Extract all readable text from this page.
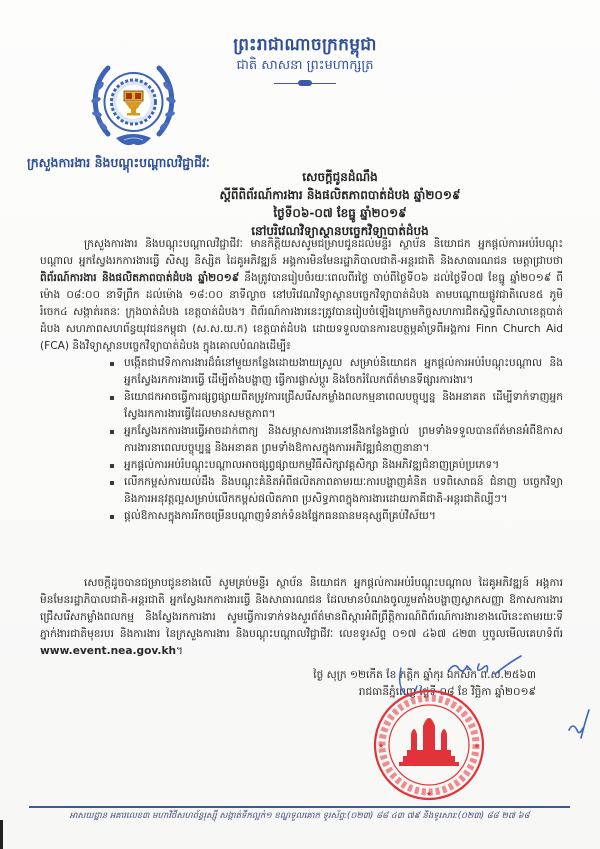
ព្រះរាជាណាចក្រកម្ពុជា
ជាតិ សាសនា ព្រះមហាក្សត្រ
ក្រសួងការងារ និងបណ្តុះបណ្តាលវិជ្ជាជីវៈ
សេចក្តីជូនដំណឹង
ស្តីពីពិព័រណ៍ការងារ និងផលិតភាពបាត់ដំបង ឆ្នាំ២០១៩
ថ្ងៃទី០៦-០៧ ខែធ្នូ ឆ្នាំ២០១៩
នៅបរិវេណវិទ្យាស្ថានបច្ចេកវិទ្យាបាត់ដំបង

ក្រសួងការងារ និងបណ្តុះបណ្តាលវិជ្ជាជីវៈ មានកិត្តិយសសូមជម្រាបជូនដល់មន្ទីរ ស្ថាប័ន និយោជក អ្នកផ្តល់ការអប់រំបណ្តុះបណ្តាល អ្នកស្វែងរកការងារធ្វើ សិស្ស និស្សិត ដៃគូអភិវឌ្ឍន៍ អង្គការមិនមែនរដ្ឋាភិបាលជាតិ-អន្តរជាតិ និងសាធារណជន មេត្តាជ្រាបថា ពិព័រណ៍ការងារ និងផលិតភាពបាត់ដំបង ឆ្នាំ២០១៩ នឹងត្រូវបានរៀបចំរយៈពេលពីរថ្ងៃ ចាប់ពីថ្ងៃទី០៦ ដល់ថ្ងៃទី០៧ ខែធ្នូ ឆ្នាំ២០១៩ ពីម៉ោង ០៨:០០ នាទីព្រឹក ដល់ម៉ោង ១៨:០០ នាទីល្ងាច នៅបរិវេណវិទ្យាស្ថានបច្ចេកវិទ្យាបាត់ដំបង តាមបណ្តោយផ្លូវជាតិលេខ៥ ភូមិរំចេក៤ សង្កាត់រតនៈ ក្រុងបាត់ដំបង ខេត្តបាត់ដំបង។ ពិព័រណ៍ការងារនេះត្រូវបានរៀបចំឡើងក្រោមកិច្ចសហការជិតស្និទ្ធពីសាលាខេត្តបាត់ដំបង សហភាពសហព័ន្ធយុវជនកម្ពុជា (ស.ស.យ.ក) ខេត្តបាត់ដំបង ដោយទទួលបានការឧបត្ថម្ភគាំទ្រពីអង្គការ Finn Church Aid (FCA) និងវិទ្យាស្ថានបច្ចេកវិទ្យាបាត់ដំបង ក្នុងគោលបំណងដើម្បី៖

បង្កើតជាវេទិកាការងារដ៏ធំនៅមួយកន្លែងដោយងាយស្រួល សម្រាប់និយោជក អ្នកផ្តល់ការអប់រំបណ្តុះបណ្តាល និងអ្នកស្វែងរកការងារធ្វើ ដើម្បីតាំងបង្ហាញ ធ្វើការផ្លាស់ប្តូរ និងចែករំលែកព័ត៌មានទីផ្សារការងារ។
និយោជកអាចធ្វើការផ្សព្វផ្សាយពីតម្រូវការជ្រើសរើសកម្លាំងពលកម្មនាពេលបច្ចុប្បន្ន និងអនាគត ដើម្បីទាក់ទាញអ្នកស្វែងរកការងារធ្វើដែលមានសមត្ថភាព។
អ្នកស្វែងរកការងារធ្វើអាចដាក់ពាក្យ និងសម្ភាសការងារនៅនឹងកន្លែងផ្ទាល់ ព្រមទាំងទទួលបានព័ត៌មានអំពីឱកាសការងារនាពេលបច្ចុប្បន្ន និងអនាគត ព្រមទាំងឱកាសក្នុងការអភិវឌ្ឍជំនាញនានា។
អ្នកផ្តល់ការអប់រំបណ្តុះបណ្តាលអាចផ្សព្វផ្សាយកម្មវិធីសិក្សាវគ្គសិក្សា និងអភិវឌ្ឍជំនាញគ្រប់ប្រភេទ។
លើកកម្ពស់ការយល់ដឹង និងបណ្តុះគំនិតអំពីផលិតភាពតាមរយៈការបង្ហាញគំនិត បទពិសោធន៍ ជំនាញ បច្ចេកវិទ្យា និងការអនុវត្តល្អសម្រាប់លើកកម្ពស់ផលិតភាព ប្រសិទ្ធភាពក្នុងការងារដោយភាគីជាតិ-អន្តរជាតិល្បីៗ។
ផ្តល់ឱកាសក្នុងការរីកចម្រើនបណ្តាញទំនាក់ទំនងផ្នែកធនធានមនុស្សពីគ្រប់វិស័យ។

សេចក្តីដូចបានជម្រាបជូនខាងលើ សូមគ្រប់មន្ទីរ ស្ថាប័ន និយោជក អ្នកផ្តល់ការអប់រំបណ្តុះបណ្តាល ដៃគូអភិវឌ្ឍន៍ អង្គការមិនមែនរដ្ឋាភិបាលជាតិ-អន្តរជាតិ អ្នកស្វែងរកការងារធ្វើ និងសាធារណជន ដែលមានបំណងចូលរួមតាំងបង្ហាញស្លាកសញ្ញា ឱកាសការងារ ជ្រើសរើសកម្លាំងពលកម្ម និងស្វែងរកការងារ សូមធ្វើការទាក់ទងសួរព័ត៌មានពិស្តារអំពីព្រឹត្តិការណ៍ពិព័រណ៍ការងារខាងលើនេះតាមរយៈទីភ្នាក់ងារជាតិមុខរបរ និងការងារ នៃក្រសួងការងារ និងបណ្តុះបណ្តាលវិជ្ជាជីវៈ លេខទូរស័ព្ទ ០១៧ ៤៦៧ ៤២៣ ឬចូលមើលគេហទំព័រ www.event.nea.gov.kh។

ថ្ងៃ សុក្រ ១២កើត ខែ កត្តិក ឆ្នាំកុរ ឯកស័ក ព.ស.២៥៦៣
រាជធានីភ្នំពេញ ថ្ងៃទី ០៨ ខែ វិច្ឆិកា ឆ្នាំ២០១៩
★
★	★
អាសយដ្ឋាន អគារលេខ៣ មហាវិថីសហព័ន្ធរុស្ស៊ី សង្កាត់ទឹកល្អក់១ ខណ្ឌទួលគោក ទូរស័ព្ទ:(០២៣) ៨៨ ៤៣ ៧៩ និងទូរសារ:(០២៣) ៨៨ ២៧ ៦៨
